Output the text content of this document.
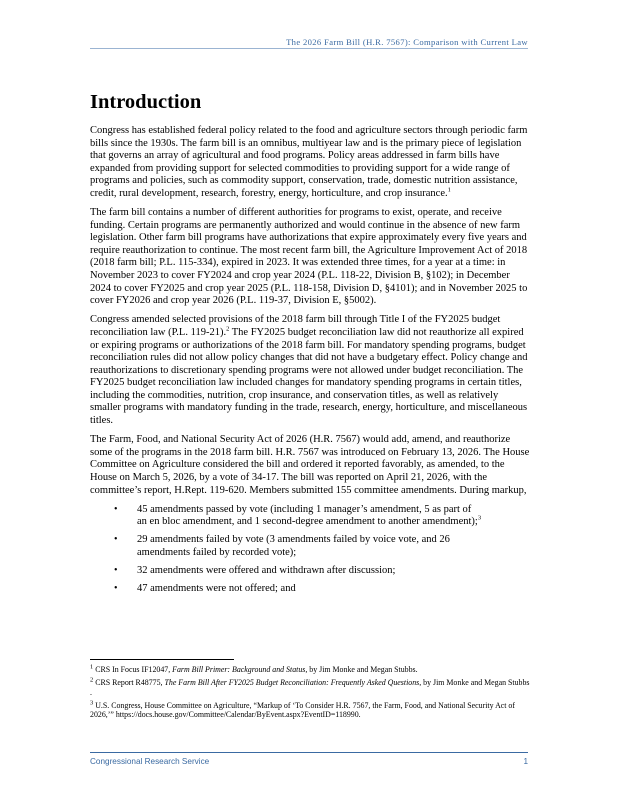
The 2026 Farm Bill (H.R. 7567): Comparison with Current Law
Introduction

Congress has established federal policy related to the food and agriculture sectors through periodic farm bills since the 1930s. The farm bill is an omnibus, multiyear law and is the primary piece of legislation that governs an array of agricultural and food programs. Policy areas addressed in farm bills have expanded from providing support for selected commodities to providing support for a wide range of programs and policies, such as commodity support, conservation, trade, domestic nutrition assistance, credit, rural development, research, forestry, energy, horticulture, and crop insurance.$^1$

The farm bill contains a number of different authorities for programs to exist, operate, and receive funding. Certain programs are permanently authorized and would continue in the absence of new farm legislation. Other farm bill programs have authorizations that expire approximately every five years and require reauthorization to continue. The most recent farm bill, the Agriculture Improvement Act of 2018 (2018 farm bill; P.L. 115-334), expired in 2023. It was extended three times, for a year at a time: in November 2023 to cover FY2024 and crop year 2024 (P.L. 118-22, Division B, §102); in December 2024 to cover FY2025 and crop year 2025 (P.L. 118-158, Division D, §4101); and in November 2025 to cover FY2026 and crop year 2026 (P.L. 119-37, Division E, §5002).

Congress amended selected provisions of the 2018 farm bill through Title I of the FY2025 budget reconciliation law (P.L. 119-21).$^2$ The FY2025 budget reconciliation law did not reauthorize all expired or expiring programs or authorizations of the 2018 farm bill. For mandatory spending programs, budget reconciliation rules did not allow policy changes that did not have a budgetary effect. Policy change and reauthorizations to discretionary spending programs were not allowed under budget reconciliation. The FY2025 budget reconciliation law included changes for mandatory spending programs in certain titles, including the commodities, nutrition, crop insurance, and conservation titles, as well as relatively smaller programs with mandatory funding in the trade, research, energy, horticulture, and miscellaneous titles.

The Farm, Food, and National Security Act of 2026 (H.R. 7567) would add, amend, and reauthorize some of the programs in the 2018 farm bill. H.R. 7567 was introduced on February 13, 2026. The House Committee on Agriculture considered the bill and ordered it reported favorably, as amended, to the House on March 5, 2026, by a vote of 34-17. The bill was reported on April 21, 2026, with the committee’s report, H.Rept. 119-620. Members submitted 155 committee amendments. During markup,

• 45 amendments passed by vote (including 1 manager’s amendment, 5 as part of an en bloc amendment, and 1 second-degree amendment to another amendment);$^3$
• 29 amendments failed by vote (3 amendments failed by voice vote, and 26 amendments failed by recorded vote);
• 32 amendments were offered and withdrawn after discussion;
• 47 amendments were not offered; and

$^1$ CRS In Focus IF12047, Farm Bill Primer: Background and Status, by Jim Monke and Megan Stubbs.

$^2$ CRS Report R48775, The Farm Bill After FY2025 Budget Reconciliation: Frequently Asked Questions, by Jim Monke and Megan Stubbs .

$^3$ U.S. Congress, House Committee on Agriculture, “Markup of ‘To Consider H.R. 7567, the Farm, Food, and National Security Act of 2026,’” https://docs.house.gov/Committee/Calendar/ByEvent.aspx?EventID=118990.

Congressional Research Service	1
